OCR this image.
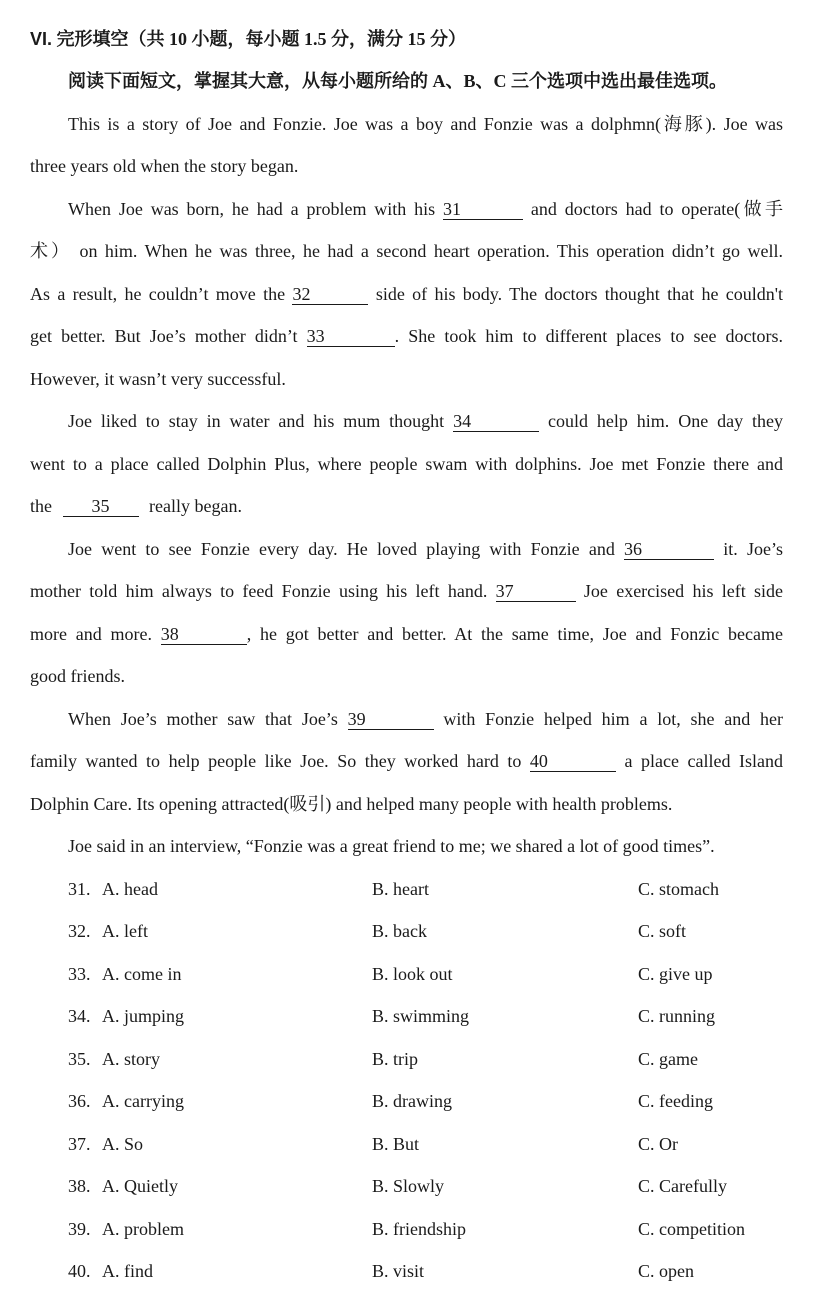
VI. 完形填空（共 10 小题，每小题 1.5 分，满分 15 分）
阅读下面短文，掌握其大意，从每小题所给的 A、B、C 三个选项中选出最佳选项。
This is a story of Joe and Fonzie. Joe was a boy and Fonzie was a dolphmn(海豚). Joe was
three years old when the story began.
When Joe was born, he had a problem with his 31	and doctors had to operate(做手
术） on him. When he was three, he had a second heart operation. This operation didn’t go well.
As a result, he couldn’t move the 32	side of his body. The doctors thought that he couldn't
get better. But Joe’s mother didn’t 33	. She took him to different places to see doctors.
However, it wasn’t very successful.
Joe liked to stay in water and his mum thought 34	could help him. One day they
went to a place called Dolphin Plus, where people swam with dolphins. Joe met Fonzie there and
the 35 really began.
Joe went to see Fonzie every day. He loved playing with Fonzie and 36	it. Joe’s
mother told him always to feed Fonzie using his left hand. 37	Joe exercised his left side
more and more. 38	, he got better and better. At the same time, Joe and Fonzic became
good friends.
When Joe’s mother saw that Joe’s 39	with Fonzie helped him a lot, she and her
family wanted to help people like Joe. So they worked hard to 40	a place called Island
Dolphin Care. Its opening attracted(吸引) and helped many people with health problems.
Joe said in an interview, “Fonzie was a great friend to me; we shared a lot of good times”.
31. A. head	B. heart	C. stomach
32. A. left	B. back	C. soft
33. A. come in	B. look out	C. give up
34. A. jumping	B. swimming	C. running
35. A. story	B. trip	C. game
36. A. carrying	B. drawing	C. feeding
37. A. So	B. But	C. Or
38. A. Quietly	B. Slowly	C. Carefully
39. A. problem	B. friendship	C. competition
40. A. find	B. visit	C. open
